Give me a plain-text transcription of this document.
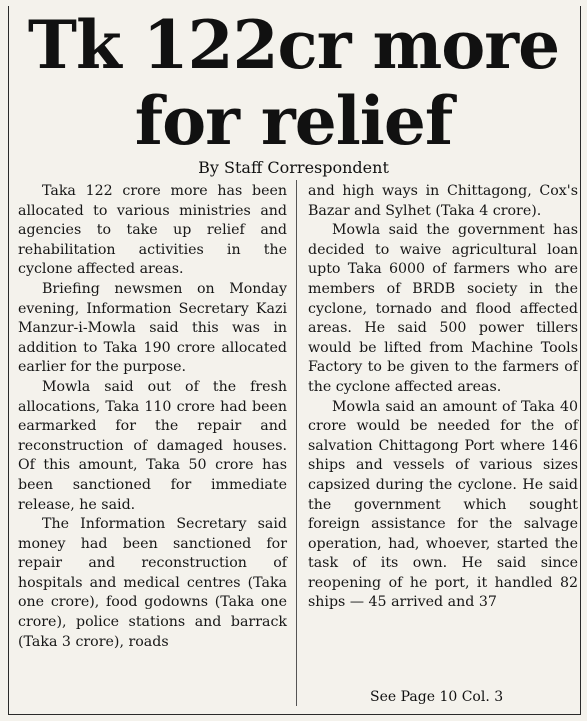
Tk 122cr more
for relief
By Staff Correspondent

Taka 122 crore more has been allocated to various ministries and agencies to take up relief and rehabilitation activities in the cyclone affected areas.

Briefing newsmen on Monday evening, Information Secretary Kazi Manzur-i-Mowla said this was in addition to Taka 190 crore allocated earlier for the purpose.

Mowla said out of the fresh allocations, Taka 110 crore had been earmarked for the repair and reconstruction of damaged houses. Of this amount, Taka 50 crore has been sanctioned for immediate release, he said.

The Information Secretary said money had been sanctioned for repair and reconstruction of hospitals and medical centres (Taka one crore), food godowns (Taka one crore), police stations and barrack (Taka 3 crore), roads

and high ways in Chittagong, Cox's Bazar and Sylhet (Taka 4 crore).

Mowla said the government has decided to waive agricultural loan upto Taka 6000 of farmers who are members of BRDB society in the cyclone, tornado and flood affected areas. He said 500 power tillers would be lifted from Machine Tools Factory to be given to the farmers of the cyclone affected areas.

Mowla said an amount of Taka 40 crore would be needed for the of salvation Chittagong Port where 146 ships and vessels of various sizes capsized during the cyclone. He said the government which sought foreign assistance for the salvage operation, had, whoever, started the task of its own. He said since reopening of he port, it handled 82 ships — 45 arrived and 37

See Page 10 Col. 3
